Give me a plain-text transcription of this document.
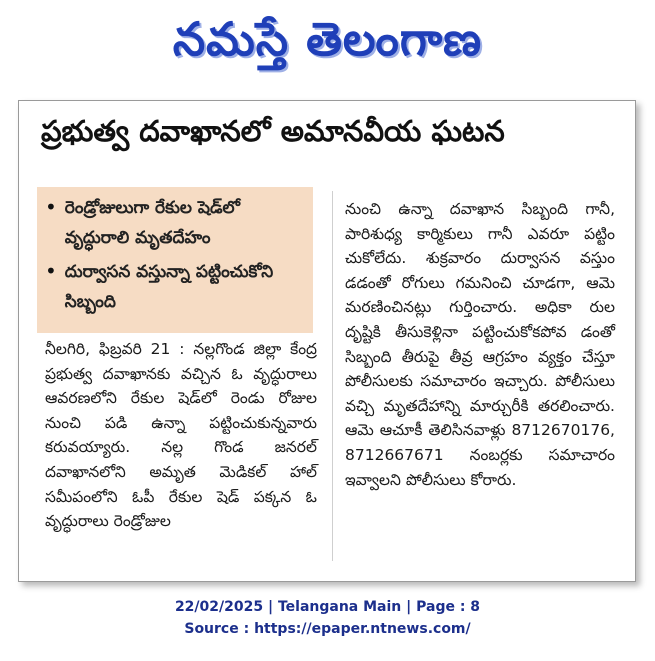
నమస్తే తెలంగాణ
ప్రభుత్వ దవాఖానలో అమానవీయ ఘటన
• రెండ్రోజులుగా రేకుల షెడ్‌లో వృద్ధురాలి మృతదేహం
• దుర్వాసన వస్తున్నా పట్టించుకోని సిబ్బంది
నీలగిరి, ఫిబ్రవరి 21 : నల్లగొండ జిల్లా కేంద్ర ప్రభుత్వ దవాఖానకు వచ్చిన ఓ వృద్ధురాలు ఆవరణలోని రేకుల షెడ్‌లో రెండు రోజుల నుంచి పడి ఉన్నా పట్టించుకున్నవారు కరువయ్యారు. నల్ల గొండ జనరల్ దవాఖానలోని అమృత మెడికల్ హాల్ సమీపంలోని ఓపీ రేకుల షెడ్ పక్కన ఓ వృద్ధురాలు రెండ్రోజుల
నుంచి ఉన్నా దవాఖాన సిబ్బంది గానీ, పారిశుధ్య కార్మికులు గానీ ఎవరూ పట్టిం చుకోలేదు. శుక్రవారం దుర్వాసన వస్తుం డడంతో రోగులు గమనించి చూడగా, ఆమె మరణించినట్లు గుర్తించారు. అధికా రుల దృష్టికి తీసుకెళ్లినా పట్టించుకోకపోవ డంతో సిబ్బంది తీరుపై తీవ్ర ఆగ్రహం వ్యక్తం చేస్తూ పోలీసులకు సమాచారం ఇచ్చారు. పోలీసులు వచ్చి మృతదేహాన్ని మార్చురీకి తరలించారు. ఆమె ఆచూకీ తెలిసినవాళ్లు 8712670176, 8712667671 నంబర్లకు సమాచారం ఇవ్వాలని పోలీసులు కోరారు.
22/02/2025 | Telangana Main | Page : 8
Source : https://epaper.ntnews.com/
